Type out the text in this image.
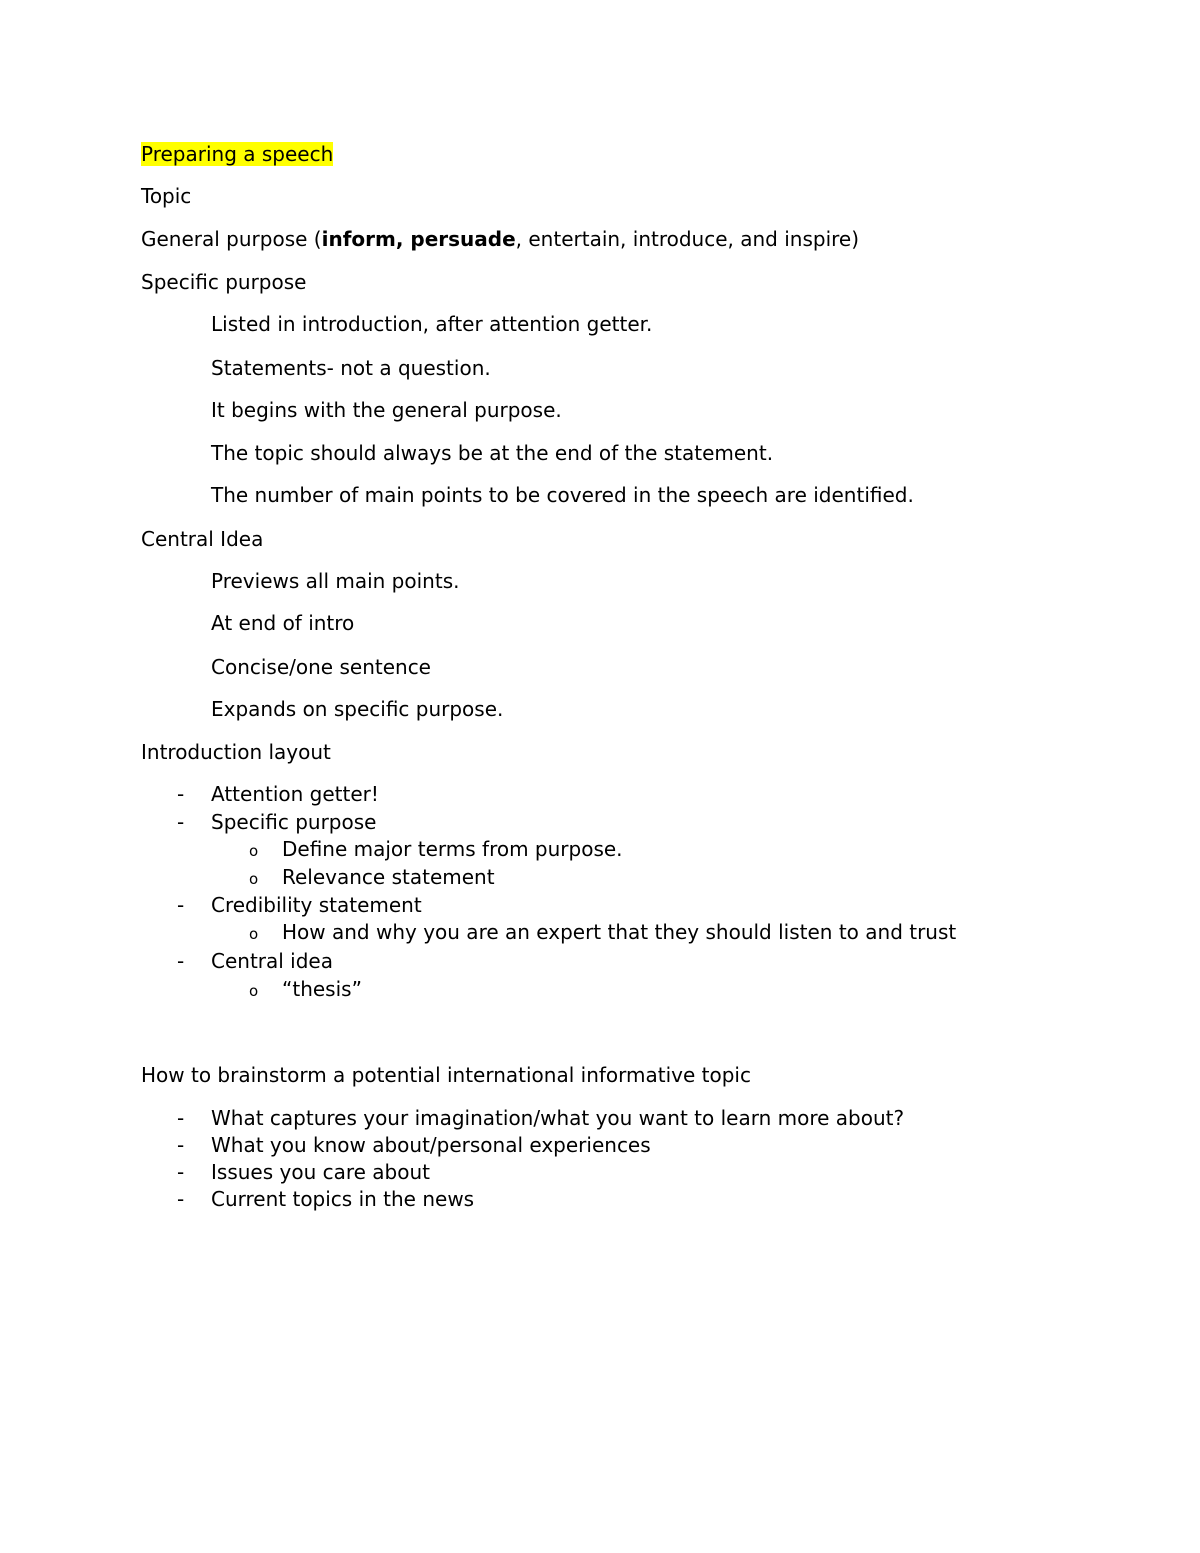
Preparing a speech
Topic
General purpose (inform, persuade, entertain, introduce, and inspire)
Specific purpose
Listed in introduction, after attention getter.
Statements- not a question.
It begins with the general purpose.
The topic should always be at the end of the statement.
The number of main points to be covered in the speech are identified.
Central Idea
Previews all main points.
At end of intro
Concise/one sentence
Expands on specific purpose.
Introduction layout
- Attention getter!
- Specific purpose
o Define major terms from purpose.
o Relevance statement
- Credibility statement
o How and why you are an expert that they should listen to and trust
- Central idea
o “thesis”
How to brainstorm a potential international informative topic
- What captures your imagination/what you want to learn more about?
- What you know about/personal experiences
- Issues you care about
- Current topics in the news
